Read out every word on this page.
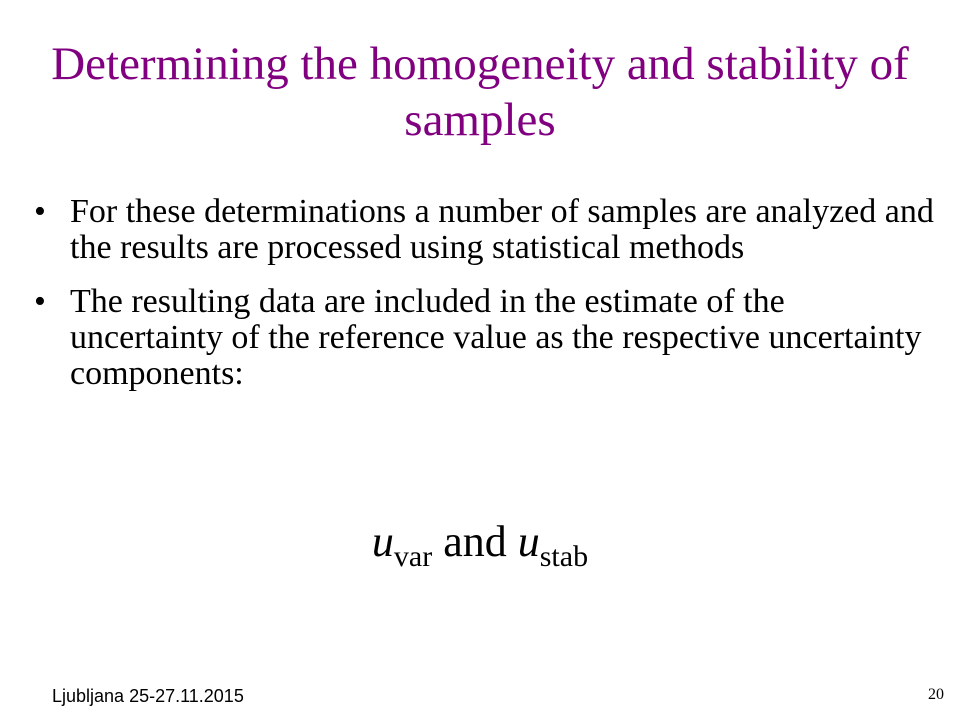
Determining the homogeneity and stability of samples
• For these determinations a number of samples are analyzed and the results are processed using statistical methods
• The resulting data are included in the estimate of the uncertainty of the reference value as the respective uncertainty components:
$u_{var}$ and $u_{stab}$
Ljubljana 25-27.11.2015	20
